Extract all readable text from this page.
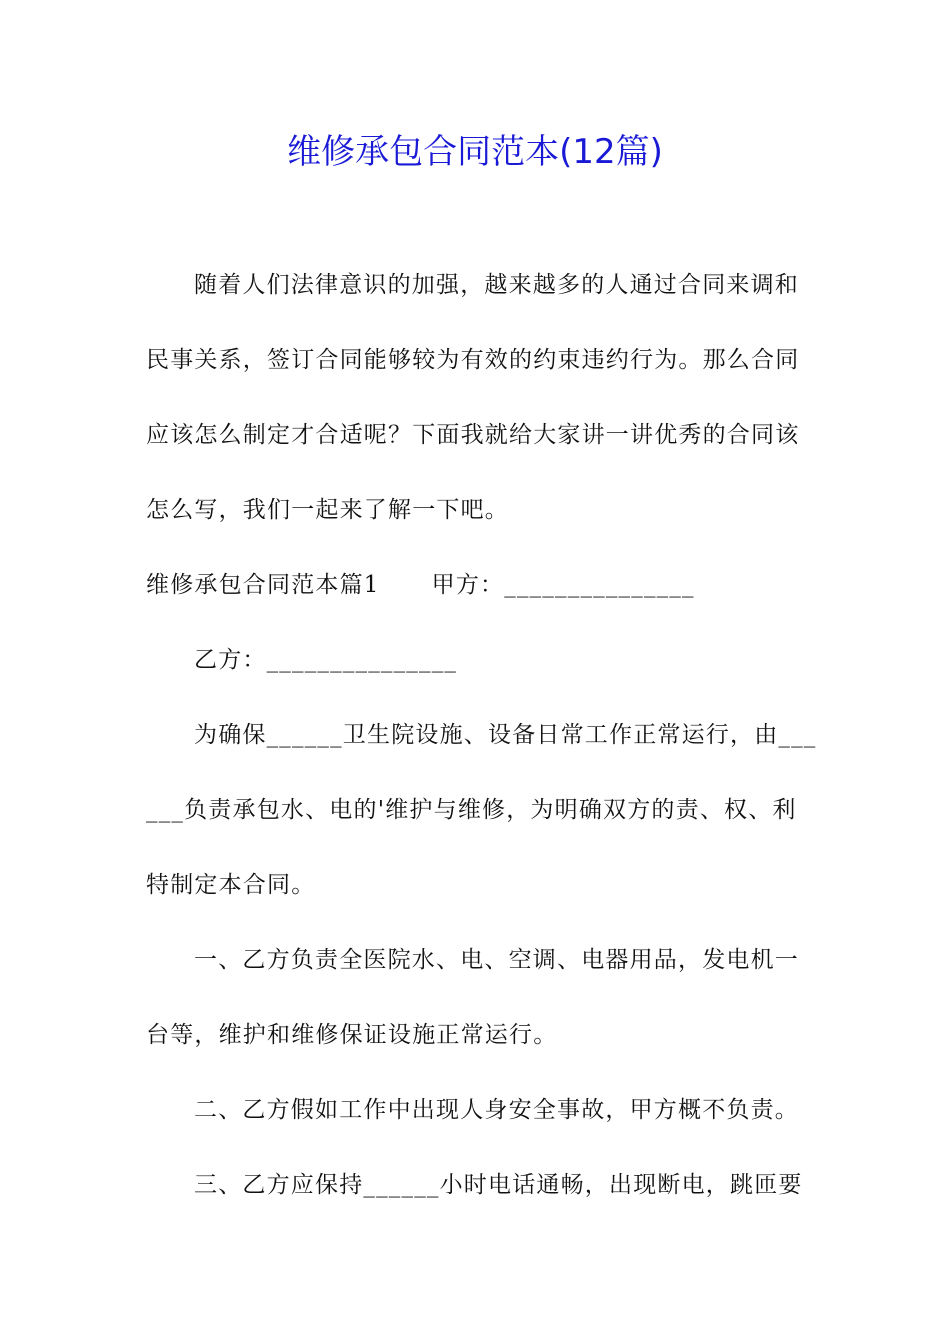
维修承包合同范本(12篇)
随着人们法律意识的加强，越来越多的人通过合同来调和
民事关系，签订合同能够较为有效的约束违约行为。那么合同
应该怎么制定才合适呢？下面我就给大家讲一讲优秀的合同该
怎么写，我们一起来了解一下吧。
维修承包合同范本篇1 甲方：_______________
乙方：_______________
为确保______卫生院设施、设备日常工作正常运行，由___
___负责承包水、电的'维护与维修，为明确双方的责、权、利
特制定本合同。
一、乙方负责全医院水、电、空调、电器用品，发电机一
台等，维护和维修保证设施正常运行。
二、乙方假如工作中出现人身安全事故，甲方概不负责。
三、乙方应保持______小时电话通畅，出现断电，跳匝要
